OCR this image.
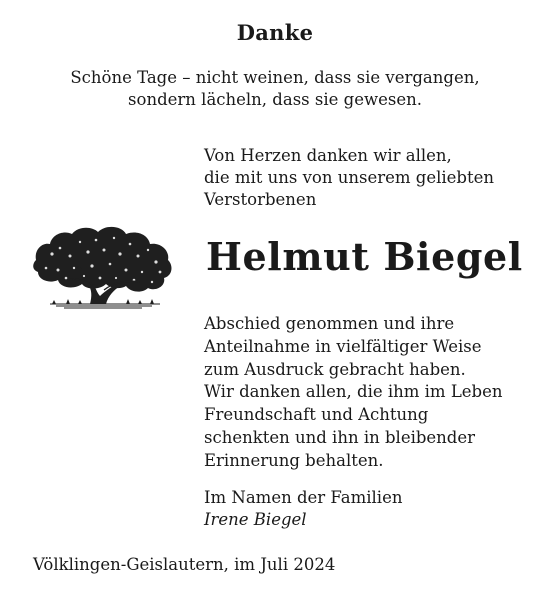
Danke
Schöne Tage – nicht weinen, dass sie vergangen,
sondern lächeln, dass sie gewesen.
Von Herzen danken wir allen,
die mit uns von unserem geliebten
Verstorbenen
Helmut Biegel
Abschied genommen und ihre
Anteilnahme in vielfältiger Weise
zum Ausdruck gebracht haben.
Wir danken allen, die ihm im Leben
Freundschaft und Achtung
schenkten und ihn in bleibender
Erinnerung behalten.
Im Namen der Familien
Irene Biegel
Völklingen-Geislautern, im Juli 2024
